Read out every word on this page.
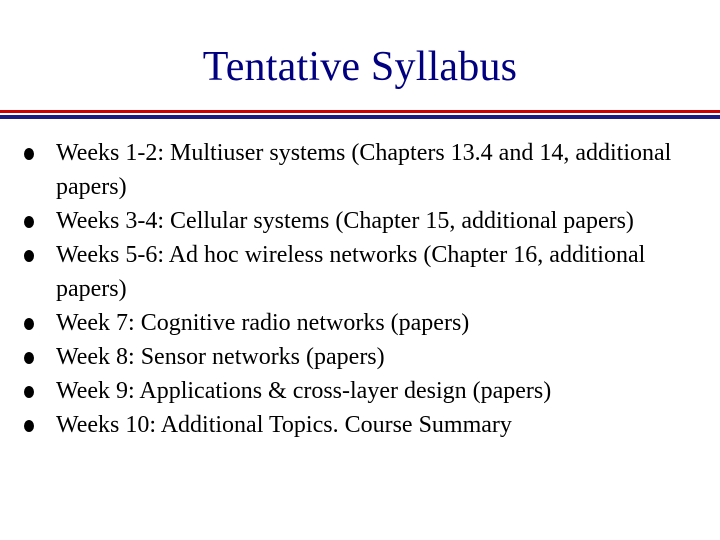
Tentative Syllabus
Weeks 1-2: Multiuser systems (Chapters 13.4 and 14, additional papers)
Weeks 3-4: Cellular systems (Chapter 15, additional papers)
Weeks 5-6: Ad hoc wireless networks (Chapter 16, additional papers)
Week 7: Cognitive radio networks (papers)
Week 8: Sensor networks (papers)
Week 9: Applications & cross-layer design (papers)
Weeks 10: Additional Topics. Course Summary
